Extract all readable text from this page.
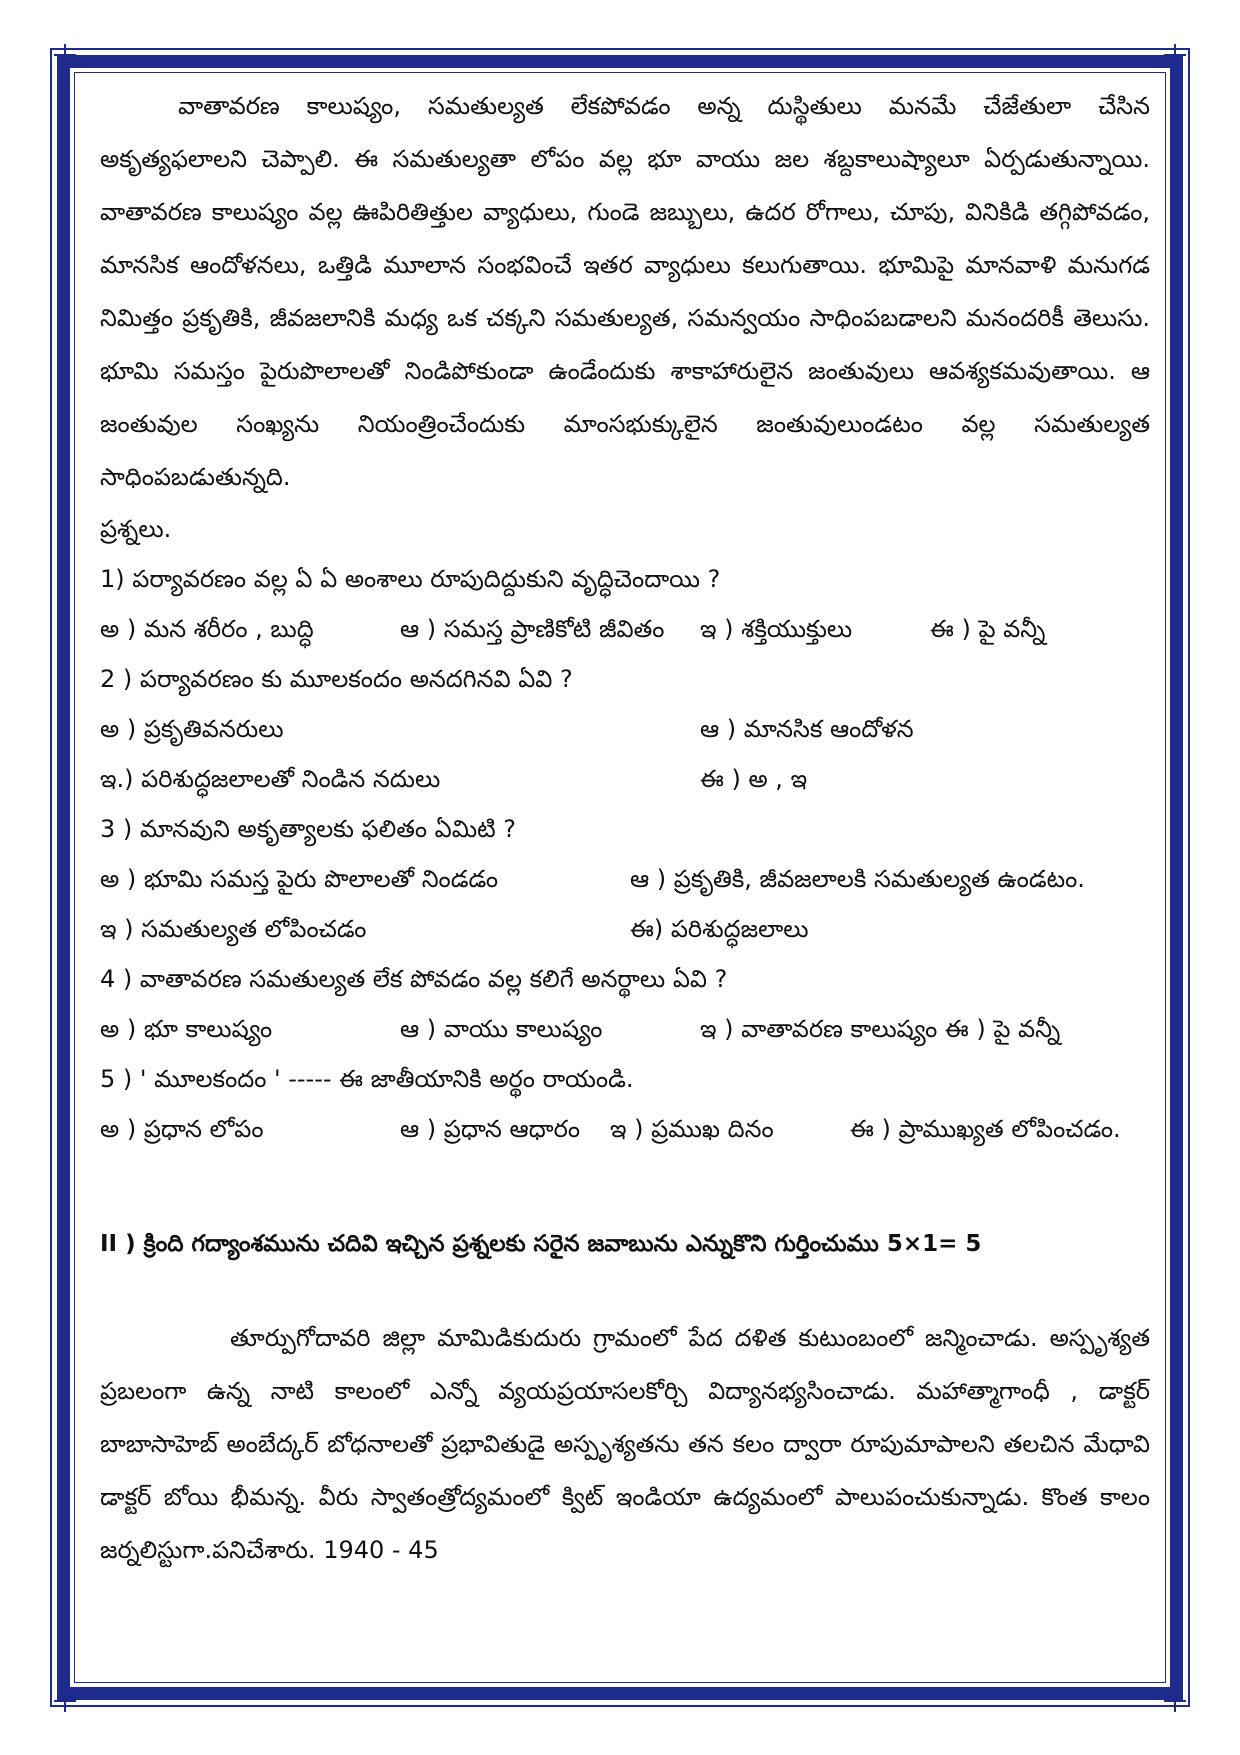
వాతావరణ కాలుష్యం, సమతుల్యత లేకపోవడం అన్న దుస్థితులు మనమే చేజేతులా చేసిన అకృత్యఫలాలని చెప్పాలి. ఈ సమతుల్యతా లోపం వల్ల భూ వాయు జల శబ్దకాలుష్యాలూ ఏర్పడుతున్నాయి. వాతావరణ కాలుష్యం వల్ల ఊపిరితిత్తుల వ్యాధులు, గుండె జబ్బులు, ఉదర రోగాలు, చూపు, వినికిడి తగ్గిపోవడం, మానసిక ఆందోళనలు, ఒత్తిడి మూలాన సంభవించే ఇతర వ్యాధులు కలుగుతాయి. భూమిపై మానవాళి మనుగడ నిమిత్తం ప్రకృతికి, జీవజలానికి మధ్య ఒక చక్కని సమతుల్యత, సమన్వయం సాధింపబడాలని మనందరికీ తెలుసు. భూమి సమస్తం పైరుపొలాలతో నిండిపోకుండా ఉండేందుకు శాకాహారులైన జంతువులు ఆవశ్యకమవుతాయి. ఆ జంతువుల సంఖ్యను నియంత్రించేందుకు మాంసభుక్కులైన జంతువులుండటం వల్ల సమతుల్యత సాధింపబడుతున్నది.

ప్రశ్నలు.
1) పర్యావరణం వల్ల ఏ ఏ అంశాలు రూపుదిద్దుకుని వృద్ధిచెందాయి ?
అ ) మన శరీరం , బుద్ధి	ఆ ) సమస్త ప్రాణికోటి జీవితం ఇ ) శక్తియుక్తులు	ఈ ) పై వన్నీ
2 ) పర్యావరణం కు మూలకందం అనదగినవి ఏవి ?
అ ) ప్రకృతివనరులు	ఆ ) మానసిక ఆందోళన
ఇ.) పరిశుద్ధజలాలతో నిండిన నదులు	ఈ ) అ , ఇ
3 ) మానవుని అకృత్యాలకు ఫలితం ఏమిటి ?
అ ) భూమి సమస్త పైరు పొలాలతో నిండడం	ఆ ) ప్రకృతికి, జీవజలాలకి సమతుల్యత ఉండటం.
ఇ ) సమతుల్యత లోపించడం	ఈ) పరిశుద్ధజలాలు
4 ) వాతావరణ సమతుల్యత లేక పోవడం వల్ల కలిగే అనర్థాలు ఏవి ?
అ ) భూ కాలుష్యం	ఆ ) వాయు కాలుష్యం	ఇ ) వాతావరణ కాలుష్యం ఈ ) పై వన్నీ
5 ) ' మూలకందం ' ----- ఈ జాతీయానికి అర్థం రాయండి.
అ ) ప్రధాన లోపం	ఆ ) ప్రధాన ఆధారం ఇ ) ప్రముఖ దినం	ఈ ) ప్రాముఖ్యత లోపించడం.
II ) క్రింది గద్యాంశమును చదివి ఇచ్చిన ప్రశ్నలకు సరైన జవాబును ఎన్నుకొని గుర్తించుము 5×1= 5

తూర్పుగోదావరి జిల్లా మామిడికుదురు గ్రామంలో పేద దళిత కుటుంబంలో జన్మించాడు. అస్పృశ్యత ప్రబలంగా ఉన్న నాటి కాలంలో ఎన్నో వ్యయప్రయాసలకోర్చి విద్యానభ్యసించాడు. మహాత్మాగాంధీ , డాక్టర్ బాబాసాహెబ్ అంబేద్కర్ బోధనాలతో ప్రభావితుడై అస్పృశ్యతను తన కలం ద్వారా రూపుమాపాలని తలచిన మేధావి డాక్టర్ బోయి భీమన్న. వీరు స్వాతంత్రోద్యమంలో క్విట్ ఇండియా ఉద్యమంలో పాలుపంచుకున్నాడు. కొంత కాలం జర్నలిస్టుగా.పనిచేశారు. 1940 - 45
